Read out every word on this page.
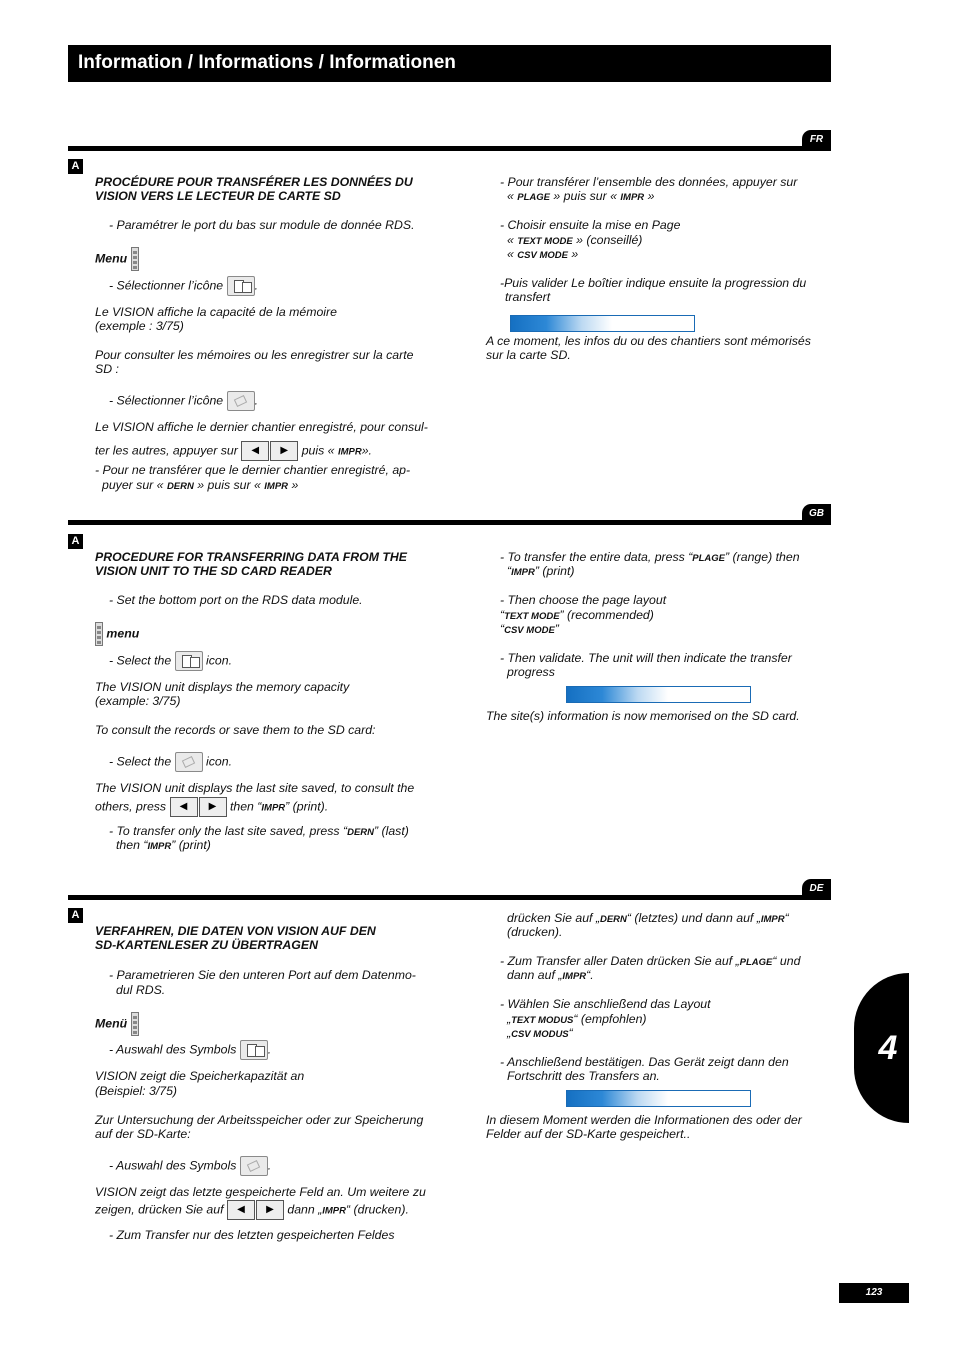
Information / Informations / Informationen
FR
A
PROCÉDURE POUR TRANSFÉRER LES DONNÉES DU
VISION VERS LE LECTEUR DE CARTE SD
- Paramétrer le port du bas sur module de donnée RDS.
Menu
- Sélectionner l’icône	.
Le VISION affiche la capacité de la mémoire
(exemple : 3/75)
Pour consulter les mémoires ou les enregistrer sur la carte
SD :
- Sélectionner l’icône	.
Le VISION affiche le dernier chantier enregistré, pour consul-
ter les autres, appuyer sur	◀	▶	puis « IMPR».
- Pour ne transférer que le dernier chantier enregistré, ap-
puyer sur « DERN » puis sur « IMPR »
- Pour transférer l’ensemble des données, appuyer sur
« PLAGE » puis sur « IMPR »
- Choisir ensuite la mise en Page
« TEXT MODE » (conseillé)
« CSV MODE »
-Puis valider Le boîtier indique ensuite la progression du
transfert
A ce moment, les infos du ou des chantiers sont mémorisés
sur la carte SD.
GB
A
PROCEDURE FOR TRANSFERRING DATA FROM THE
VISION UNIT TO THE SD CARD READER
- Set the bottom port on the RDS data module.
menu
- Select the	icon.
The VISION unit displays the memory capacity
(example: 3/75)
To consult the records or save them to the SD card:
- Select the	icon.
The VISION unit displays the last site saved, to consult the
others, press	◀	▶	then “IMPR” (print).
- To transfer only the last site saved, press “DERN” (last)
then “IMPR” (print)
- To transfer the entire data, press “PLAGE” (range) then
“IMPR” (print)
- Then choose the page layout
“TEXT MODE” (recommended)
“CSV MODE”
- Then validate. The unit will then indicate the transfer
progress
The site(s) information is now memorised on the SD card.
DE
A
VERFAHREN, DIE DATEN VON VISION AUF DEN
SD-KARTENLESER ZU ÜBERTRAGEN
- Parametrieren Sie den unteren Port auf dem Datenmo-
dul RDS.
Menü
- Auswahl des Symbols	.
VISION zeigt die Speicherkapazität an
(Beispiel: 3/75)
Zur Untersuchung der Arbeitsspeicher oder zur Speicherung
auf der SD-Karte:
- Auswahl des Symbols	.
VISION zeigt das letzte gespeicherte Feld an. Um weitere zu
zeigen, drücken Sie auf	◀	▶	dann „IMPR“ (drucken).
- Zum Transfer nur des letzten gespeicherten Feldes
drücken Sie auf „DERN“ (letztes) und dann auf „IMPR“
(drucken).
- Zum Transfer aller Daten drücken Sie auf „PLAGE“ und
dann auf „IMPR“.
- Wählen Sie anschließend das Layout
„TEXT MODUS“ (empfohlen)
„CSV MODUS“
- Anschließend bestätigen. Das Gerät zeigt dann den
Fortschritt des Transfers an.
In diesem Moment werden die Informationen des oder der
Felder auf der SD-Karte gespeichert..
4
123
